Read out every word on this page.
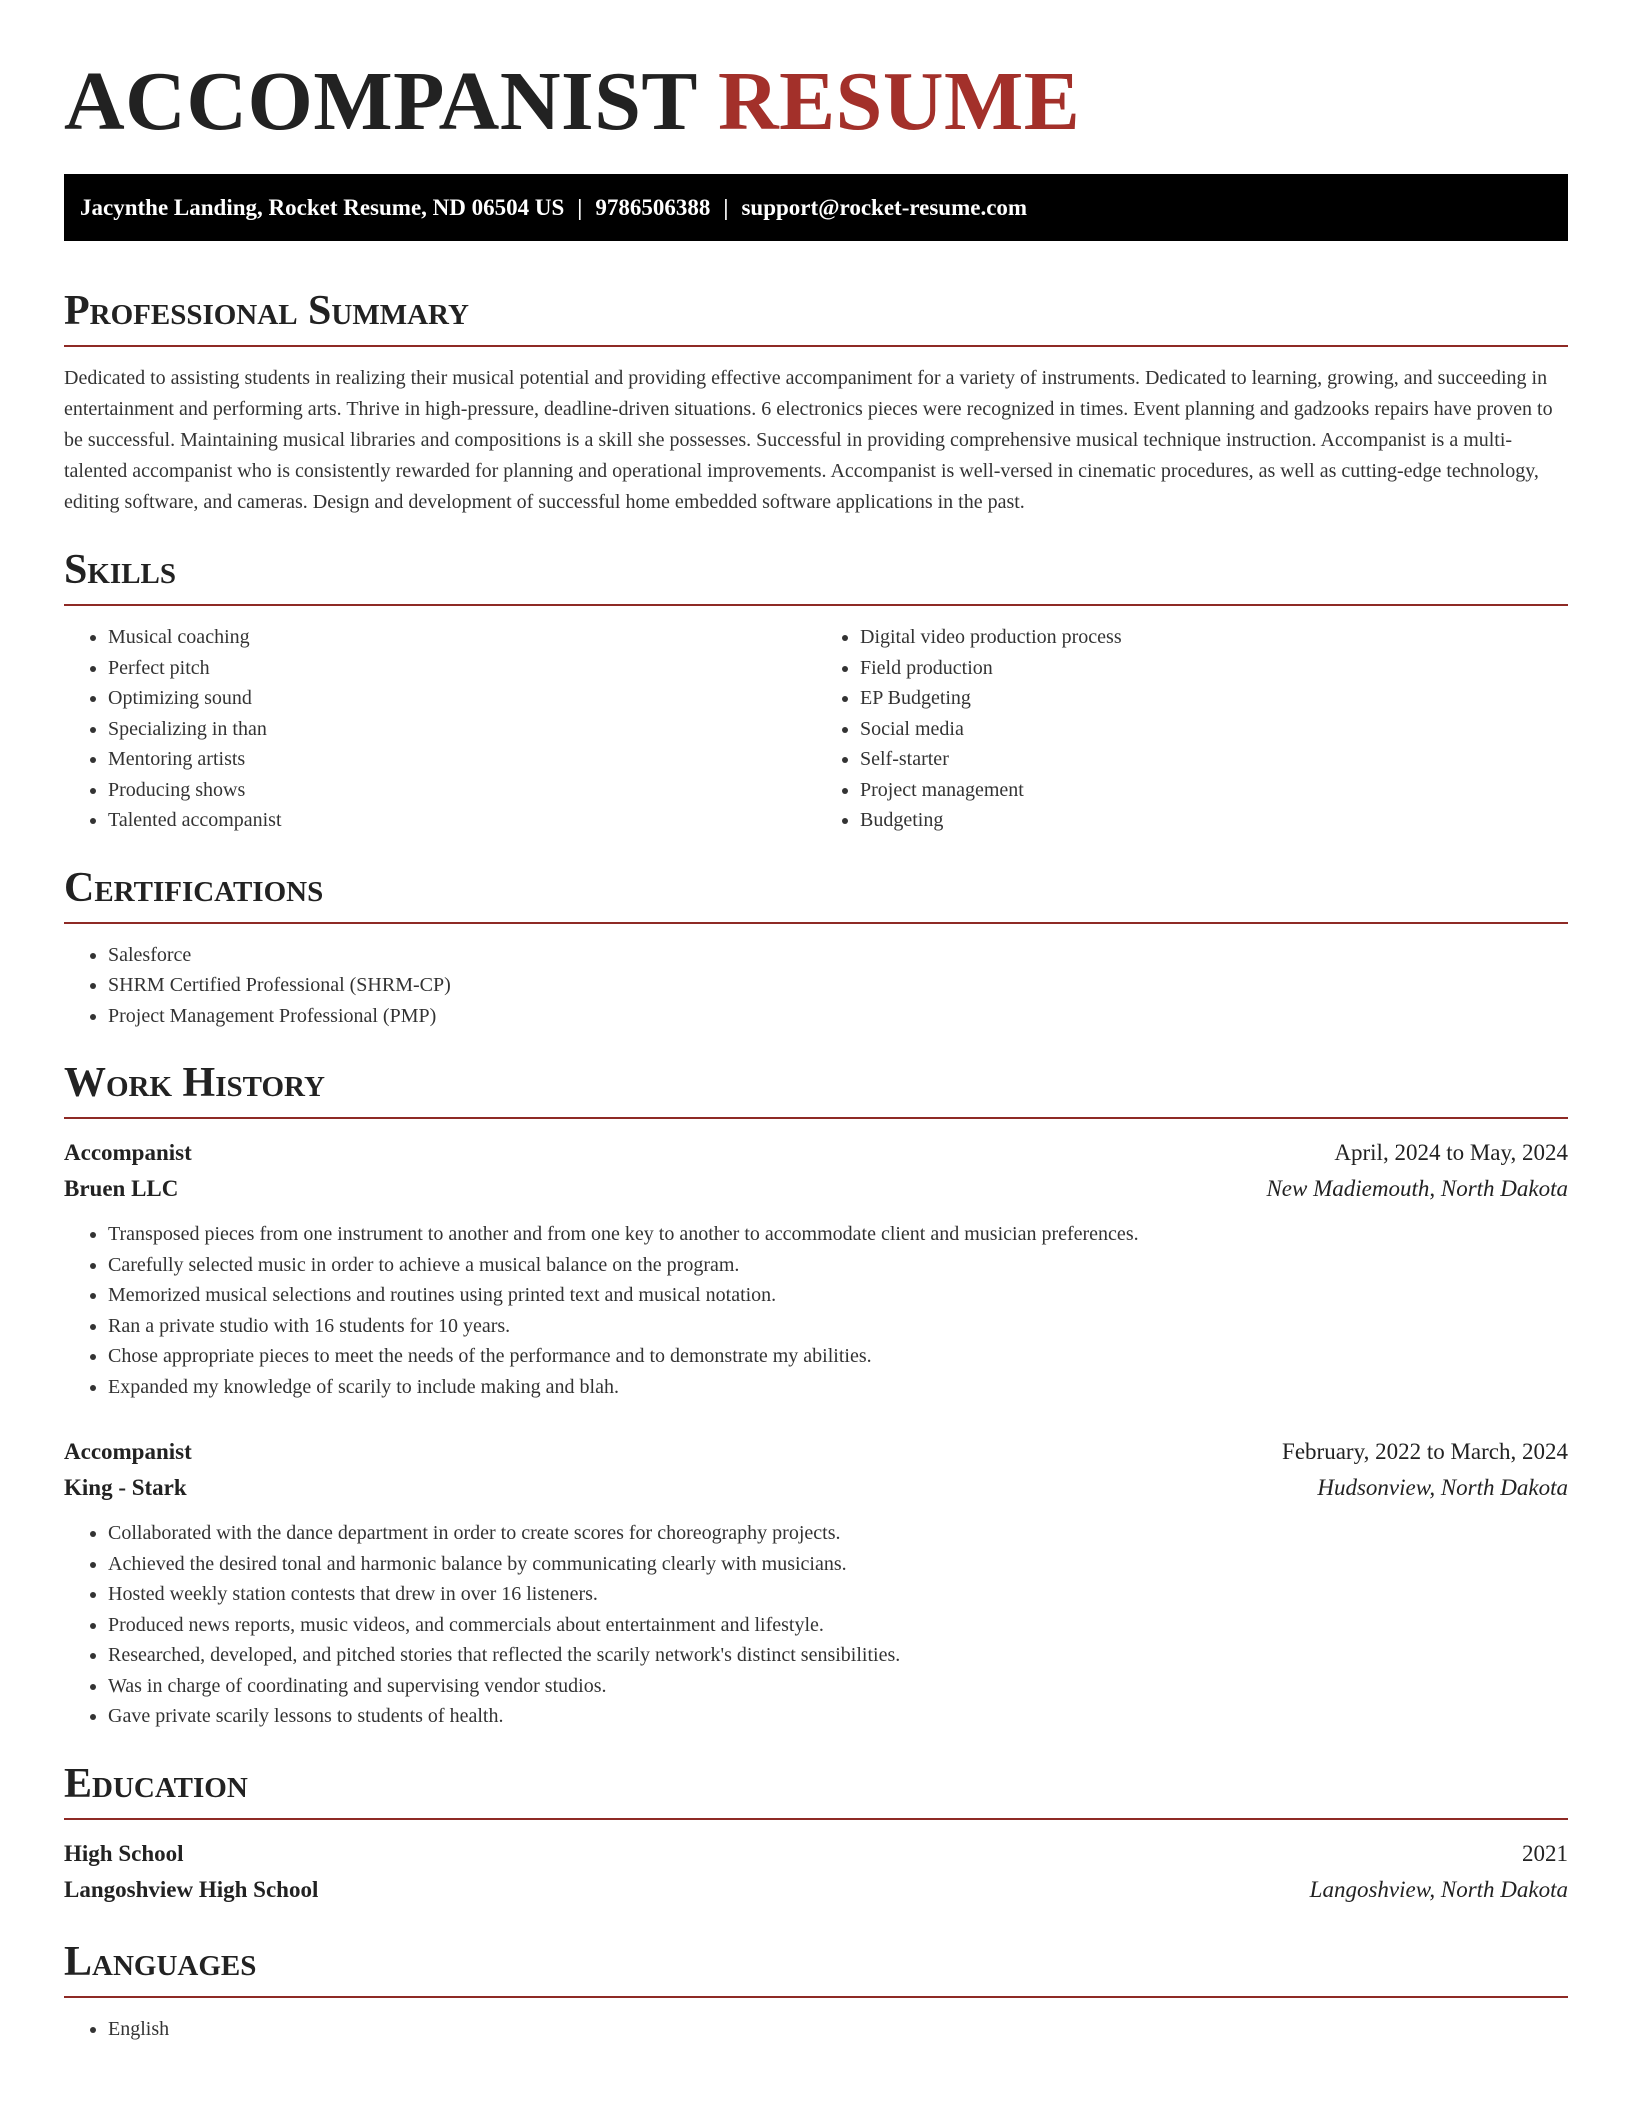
ACCOMPANIST RESUME
Jacynthe Landing, Rocket Resume, ND 06504 US | 9786506388 | support@rocket-resume.com
Professional Summary

Dedicated to assisting students in realizing their musical potential and providing effective accompaniment for a variety of instruments. Dedicated to learning, growing, and succeeding in entertainment and performing arts. Thrive in high-pressure, deadline-driven situations. 6 electronics pieces were recognized in times. Event planning and gadzooks repairs have proven to be successful. Maintaining musical libraries and compositions is a skill she possesses. Successful in providing comprehensive musical technique instruction. Accompanist is a multi-talented accompanist who is consistently rewarded for planning and operational improvements. Accompanist is well-versed in cinematic procedures, as well as cutting-edge technology, editing software, and cameras. Design and development of successful home embedded software applications in the past.

Skills
• Musical coaching
• Perfect pitch
• Optimizing sound
• Specializing in than
• Mentoring artists
• Producing shows
• Talented accompanist
• Digital video production process
• Field production
• EP Budgeting
• Social media
• Self-starter
• Project management
• Budgeting
Certifications
• Salesforce
• SHRM Certified Professional (SHRM-CP)
• Project Management Professional (PMP)
Work History
Accompanist	April, 2024 to May, 2024
Bruen LLC	New Madiemouth, North Dakota
• Transposed pieces from one instrument to another and from one key to another to accommodate client and musician preferences.
• Carefully selected music in order to achieve a musical balance on the program.
• Memorized musical selections and routines using printed text and musical notation.
• Ran a private studio with 16 students for 10 years.
• Chose appropriate pieces to meet the needs of the performance and to demonstrate my abilities.
• Expanded my knowledge of scarily to include making and blah.
Accompanist	February, 2022 to March, 2024
King - Stark	Hudsonview, North Dakota
• Collaborated with the dance department in order to create scores for choreography projects.
• Achieved the desired tonal and harmonic balance by communicating clearly with musicians.
• Hosted weekly station contests that drew in over 16 listeners.
• Produced news reports, music videos, and commercials about entertainment and lifestyle.
• Researched, developed, and pitched stories that reflected the scarily network's distinct sensibilities.
• Was in charge of coordinating and supervising vendor studios.
• Gave private scarily lessons to students of health.
Education
High School	2021
Langoshview High School	Langoshview, North Dakota
Languages
• English
